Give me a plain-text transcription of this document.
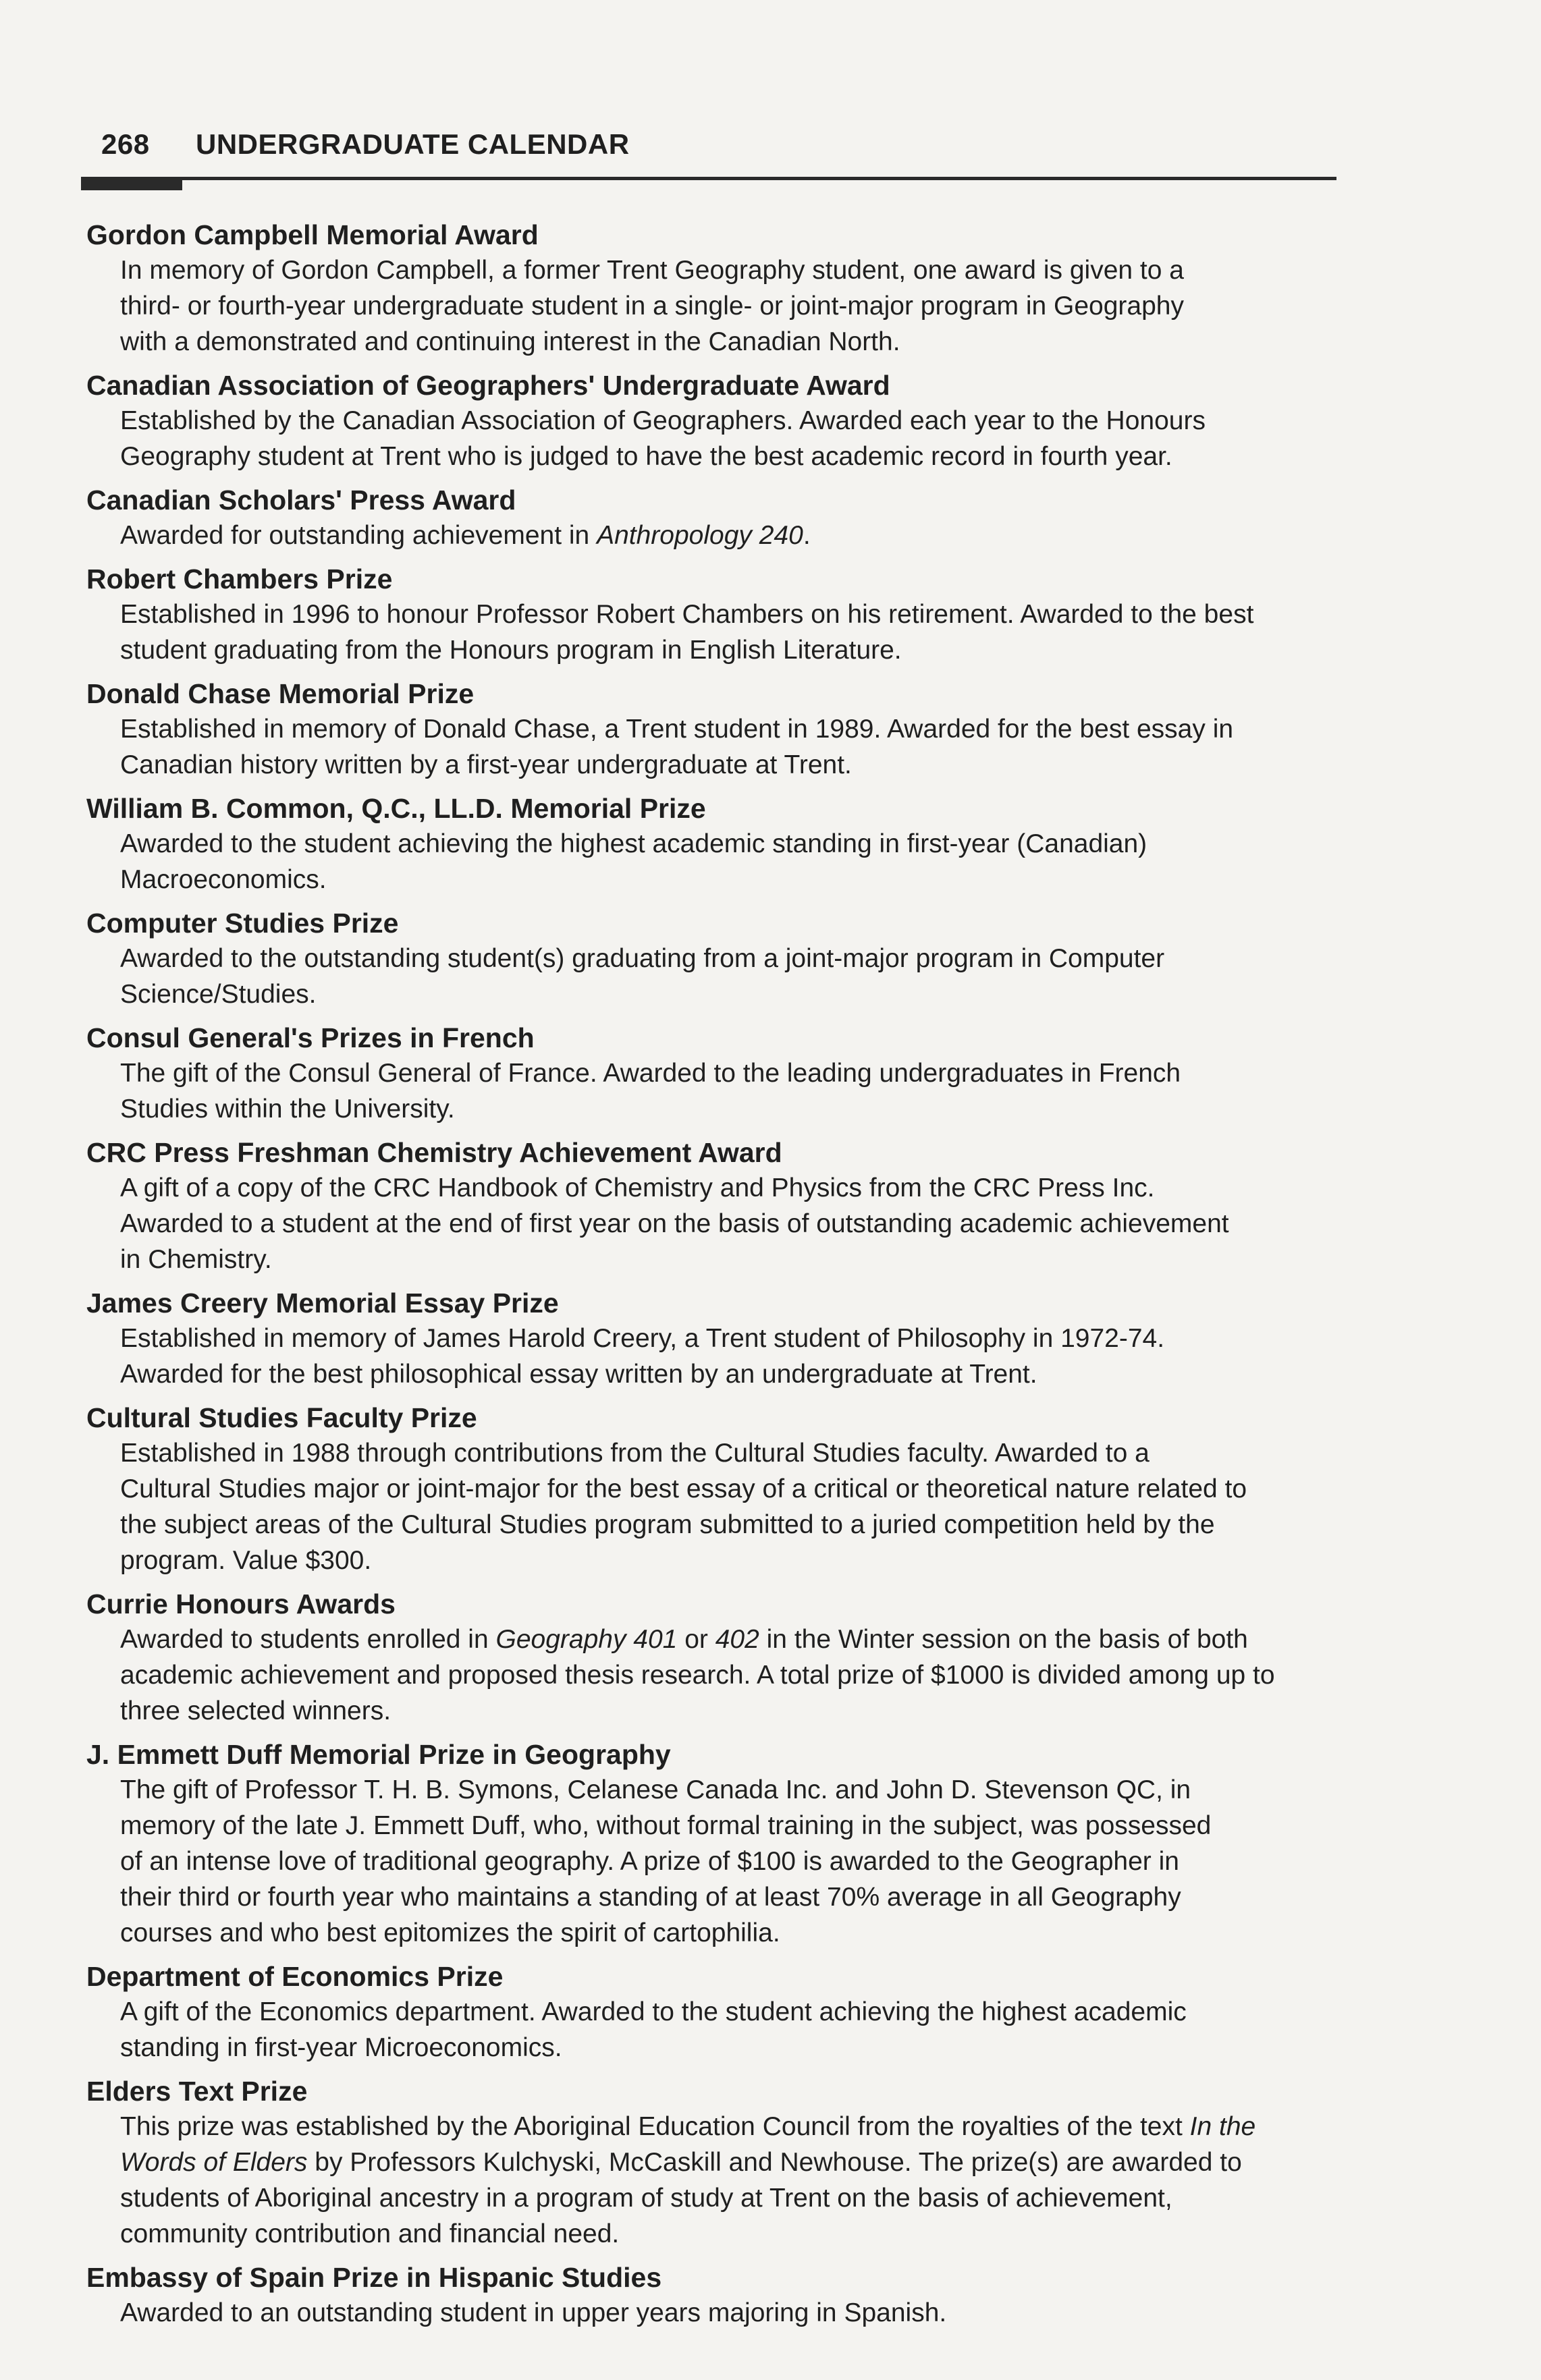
268 UNDERGRADUATE CALENDAR
Gordon Campbell Memorial Award
In memory of Gordon Campbell, a former Trent Geography student, one award is given to a
third- or fourth-year undergraduate student in a single- or joint-major program in Geography
with a demonstrated and continuing interest in the Canadian North.
Canadian Association of Geographers' Undergraduate Award
Established by the Canadian Association of Geographers. Awarded each year to the Honours
Geography student at Trent who is judged to have the best academic record in fourth year.
Canadian Scholars' Press Award
Awarded for outstanding achievement in Anthropology 240.
Robert Chambers Prize
Established in 1996 to honour Professor Robert Chambers on his retirement. Awarded to the best
student graduating from the Honours program in English Literature.
Donald Chase Memorial Prize
Established in memory of Donald Chase, a Trent student in 1989. Awarded for the best essay in
Canadian history written by a first-year undergraduate at Trent.
William B. Common, Q.C., LL.D. Memorial Prize
Awarded to the student achieving the highest academic standing in first-year (Canadian)
Macroeconomics.
Computer Studies Prize
Awarded to the outstanding student(s) graduating from a joint-major program in Computer
Science/Studies.
Consul General's Prizes in French
The gift of the Consul General of France. Awarded to the leading undergraduates in French
Studies within the University.
CRC Press Freshman Chemistry Achievement Award
A gift of a copy of the CRC Handbook of Chemistry and Physics from the CRC Press Inc.
Awarded to a student at the end of first year on the basis of outstanding academic achievement
in Chemistry.
James Creery Memorial Essay Prize
Established in memory of James Harold Creery, a Trent student of Philosophy in 1972-74.
Awarded for the best philosophical essay written by an undergraduate at Trent.
Cultural Studies Faculty Prize
Established in 1988 through contributions from the Cultural Studies faculty. Awarded to a
Cultural Studies major or joint-major for the best essay of a critical or theoretical nature related to
the subject areas of the Cultural Studies program submitted to a juried competition held by the
program. Value $300.
Currie Honours Awards
Awarded to students enrolled in Geography 401 or 402 in the Winter session on the basis of both academic achievement and proposed thesis research. A total prize of $1000 is divided among up to three selected winners.
J. Emmett Duff Memorial Prize in Geography
The gift of Professor T. H. B. Symons, Celanese Canada Inc. and John D. Stevenson QC, in
memory of the late J. Emmett Duff, who, without formal training in the subject, was possessed
of an intense love of traditional geography. A prize of $100 is awarded to the Geographer in
their third or fourth year who maintains a standing of at least 70% average in all Geography
courses and who best epitomizes the spirit of cartophilia.
Department of Economics Prize
A gift of the Economics department. Awarded to the student achieving the highest academic
standing in first-year Microeconomics.
Elders Text Prize
This prize was established by the Aboriginal Education Council from the royalties of the text In the Words of Elders by Professors Kulchyski, McCaskill and Newhouse. The prize(s) are awarded to students of Aboriginal ancestry in a program of study at Trent on the basis of achievement, community contribution and financial need.
Embassy of Spain Prize in Hispanic Studies
Awarded to an outstanding student in upper years majoring in Spanish.
